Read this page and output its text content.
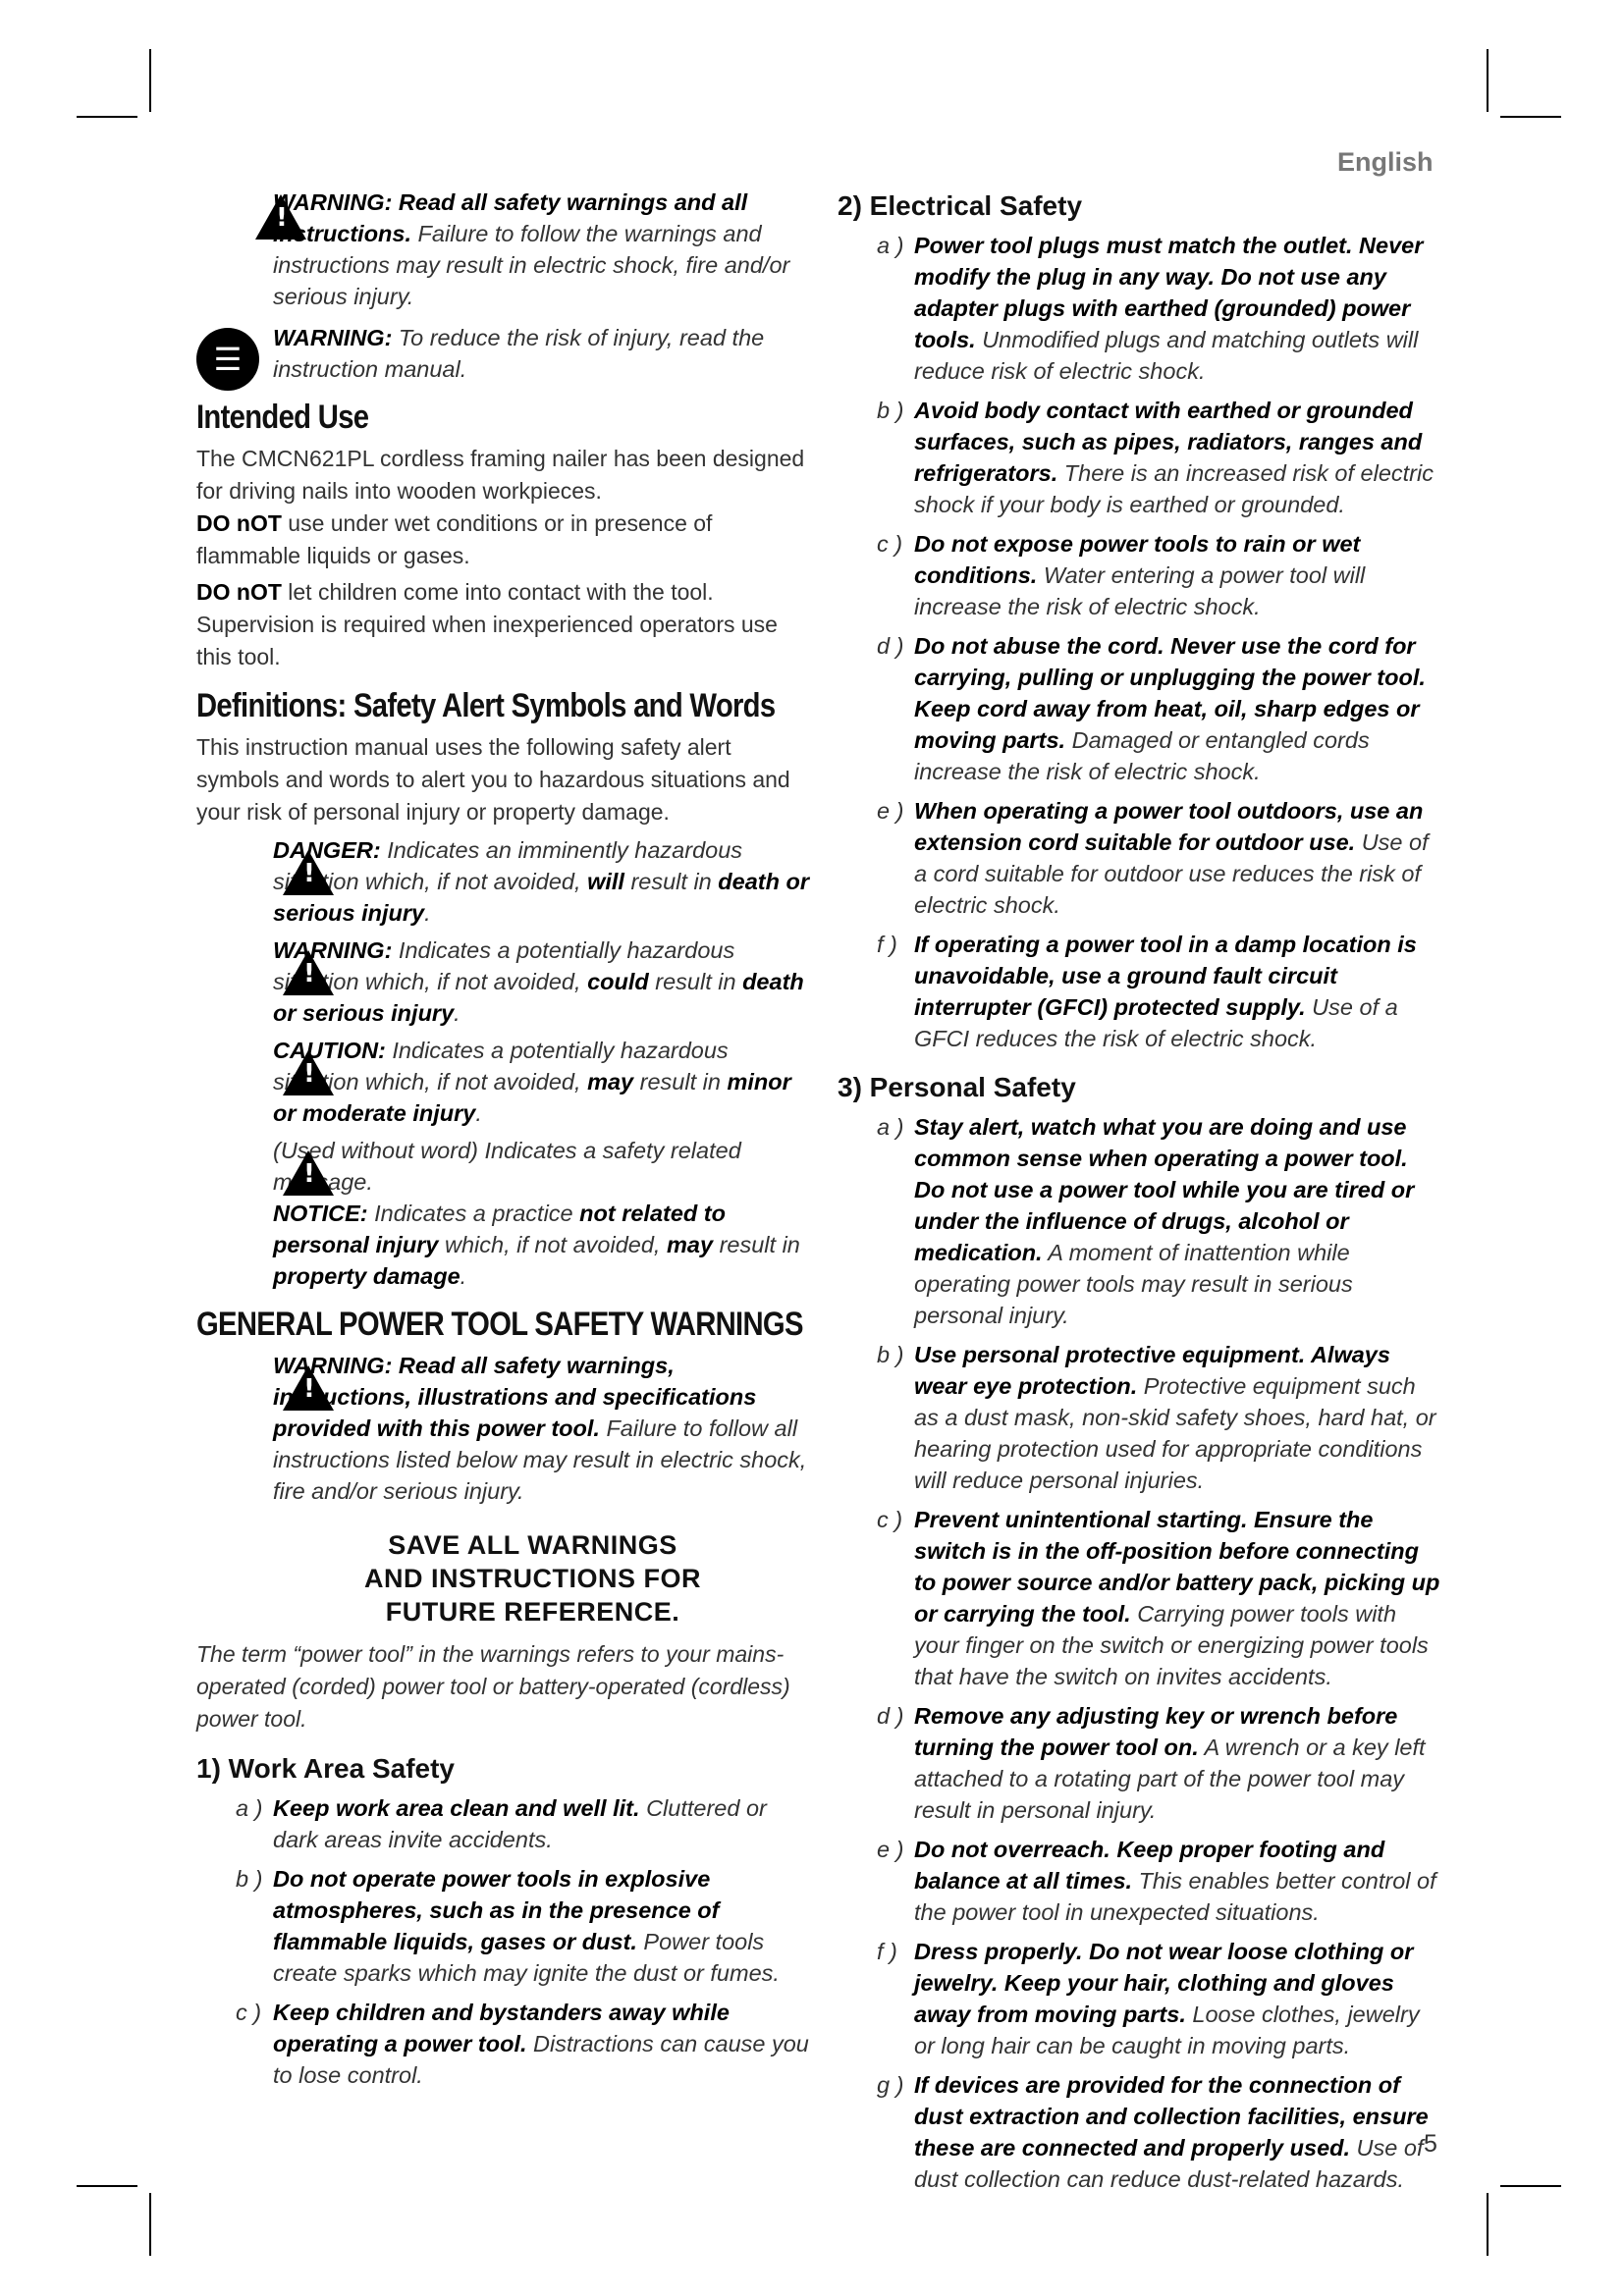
English
5
!
WARNING: Read all safety warnings and all instructions. Failure to follow the warnings and instructions may result in electric shock, fire and/or serious injury.
☰
WARNING: To reduce the risk of injury, read the instruction manual.
Intended Use

The CMCN621PL cordless framing nailer has been designed for driving nails into wooden workpieces.

DO nOT use under wet conditions or in presence of flammable liquids or gases.

DO nOT let children come into contact with the tool. Supervision is required when inexperienced operators use this tool.

Definitions: Safety Alert Symbols and Words

This instruction manual uses the following safety alert symbols and words to alert you to hazardous situations and your risk of personal injury or property damage.

!
DANGER: Indicates an imminently hazardous situation which, if not avoided, will result in death or serious injury.
!
WARNING: Indicates a potentially hazardous situation which, if not avoided, could result in death or serious injury.
!
CAUTION: Indicates a potentially hazardous situation which, if not avoided, may result in minor or moderate injury.
!
(Used without word) Indicates a safety related message.
NOTICE: Indicates a practice not related to personal injury which, if not avoided, may result in property damage.
GENERAL POWER TOOL SAFETY WARNINGS
!
WARNING: Read all safety warnings, instructions, illustrations and specifications provided with this power tool. Failure to follow all instructions listed below may result in electric shock, fire and/or serious injury.
SAVE ALL WARNINGS
AND INSTRUCTIONS FOR
FUTURE REFERENCE.

The term “power tool” in the warnings refers to your mains-operated (corded) power tool or battery-operated (cordless) power tool.

1) Work Area Safety
a ) Keep work area clean and well lit. Cluttered or dark areas invite accidents.
b ) Do not operate power tools in explosive atmospheres, such as in the presence of flammable liquids, gases or dust. Power tools create sparks which may ignite the dust or fumes.
c ) Keep children and bystanders away while operating a power tool. Distractions can cause you to lose control.
2) Electrical Safety
a ) Power tool plugs must match the outlet. Never modify the plug in any way. Do not use any adapter plugs with earthed (grounded) power tools. Unmodified plugs and matching outlets will reduce risk of electric shock.
b ) Avoid body contact with earthed or grounded surfaces, such as pipes, radiators, ranges and refrigerators. There is an increased risk of electric shock if your body is earthed or grounded.
c ) Do not expose power tools to rain or wet conditions. Water entering a power tool will increase the risk of electric shock.
d ) Do not abuse the cord. Never use the cord for carrying, pulling or unplugging the power tool. Keep cord away from heat, oil, sharp edges or moving parts. Damaged or entangled cords increase the risk of electric shock.
e ) When operating a power tool outdoors, use an extension cord suitable for outdoor use. Use of a cord suitable for outdoor use reduces the risk of electric shock.
f ) If operating a power tool in a damp location is unavoidable, use a ground fault circuit interrupter (GFCI) protected supply. Use of a GFCI reduces the risk of electric shock.
3) Personal Safety
a ) Stay alert, watch what you are doing and use common sense when operating a power tool. Do not use a power tool while you are tired or under the influence of drugs, alcohol or medication. A moment of inattention while operating power tools may result in serious personal injury.
b ) Use personal protective equipment. Always wear eye protection. Protective equipment such as a dust mask, non-skid safety shoes, hard hat, or hearing protection used for appropriate conditions will reduce personal injuries.
c ) Prevent unintentional starting. Ensure the switch is in the off-position before connecting to power source and/or battery pack, picking up or carrying the tool. Carrying power tools with your finger on the switch or energizing power tools that have the switch on invites accidents.
d ) Remove any adjusting key or wrench before turning the power tool on. A wrench or a key left attached to a rotating part of the power tool may result in personal injury.
e ) Do not overreach. Keep proper footing and balance at all times. This enables better control of the power tool in unexpected situations.
f ) Dress properly. Do not wear loose clothing or jewelry. Keep your hair, clothing and gloves away from moving parts. Loose clothes, jewelry or long hair can be caught in moving parts.
g ) If devices are provided for the connection of dust extraction and collection facilities, ensure these are connected and properly used. Use of dust collection can reduce dust-related hazards.
